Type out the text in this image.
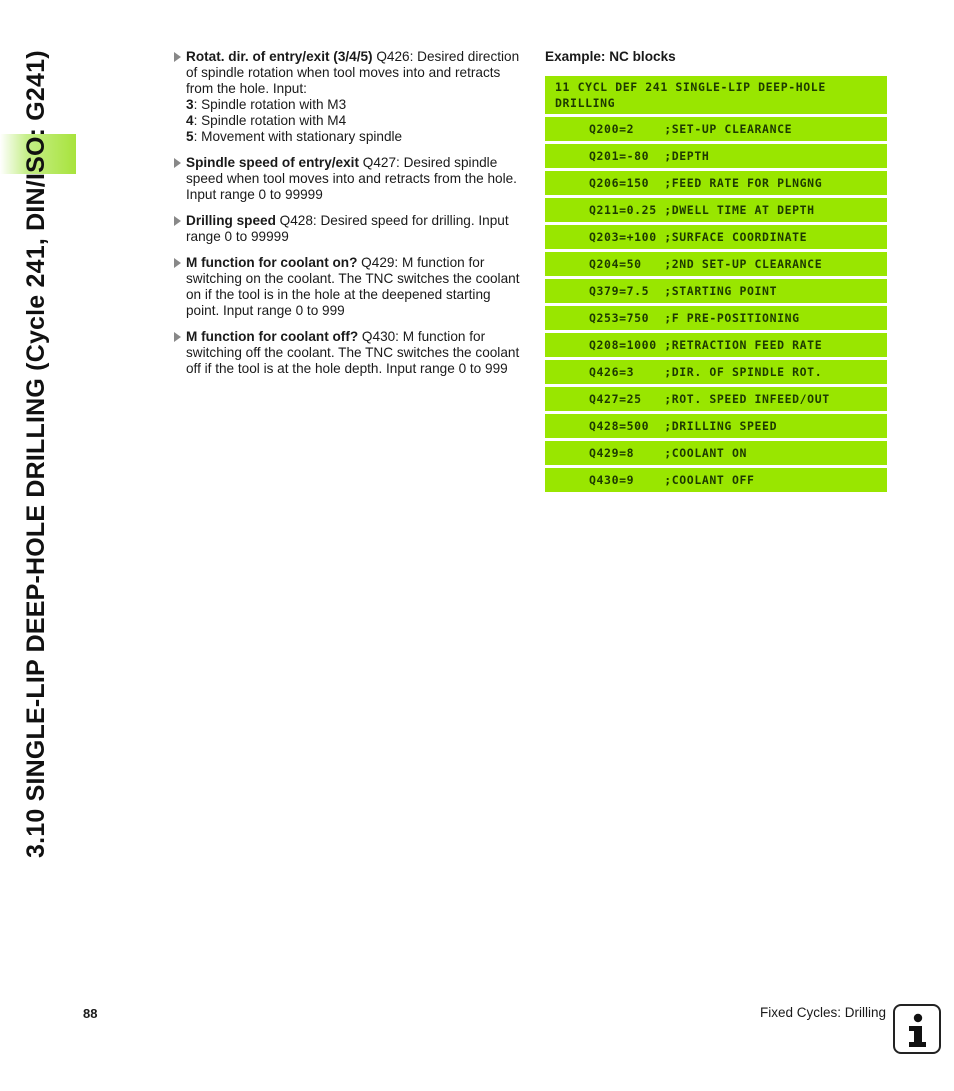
3.10 SINGLE-LIP DEEP-HOLE DRILLING (Cycle 241, DIN/ISO: G241)	Rotat. dir. of entry/exit (3/4/5) Q426: Desired direction of spindle rotation when tool moves into and retracts from the hole. Input:
3: Spindle rotation with M3
4: Spindle rotation with M4
5: Movement with stationary spindle
Spindle speed of entry/exit Q427: Desired spindle speed when tool moves into and retracts from the hole. Input range 0 to 99999
Drilling speed Q428: Desired speed for drilling. Input range 0 to 99999
M function for coolant on? Q429: M function for switching on the coolant. The TNC switches the coolant on if the tool is in the hole at the deepened starting point. Input range 0 to 999
M function for coolant off? Q430: M function for switching off the coolant. The TNC switches the coolant off if the tool is at the hole depth. Input range 0 to 999
Example: NC blocks
11 CYCL DEF 241 SINGLE-LIP DEEP-HOLE
DRILLING
Q200=2    ;SET-UP CLEARANCE
Q201=-80  ;DEPTH
Q206=150  ;FEED RATE FOR PLNGNG
Q211=0.25 ;DWELL TIME AT DEPTH
Q203=+100 ;SURFACE COORDINATE
Q204=50   ;2ND SET-UP CLEARANCE
Q379=7.5  ;STARTING POINT
Q253=750  ;F PRE-POSITIONING
Q208=1000 ;RETRACTION FEED RATE
Q426=3    ;DIR. OF SPINDLE ROT.
Q427=25   ;ROT. SPEED INFEED/OUT
Q428=500  ;DRILLING SPEED
Q429=8    ;COOLANT ON
Q430=9    ;COOLANT OFF
88	Fixed Cycles: Drilling
